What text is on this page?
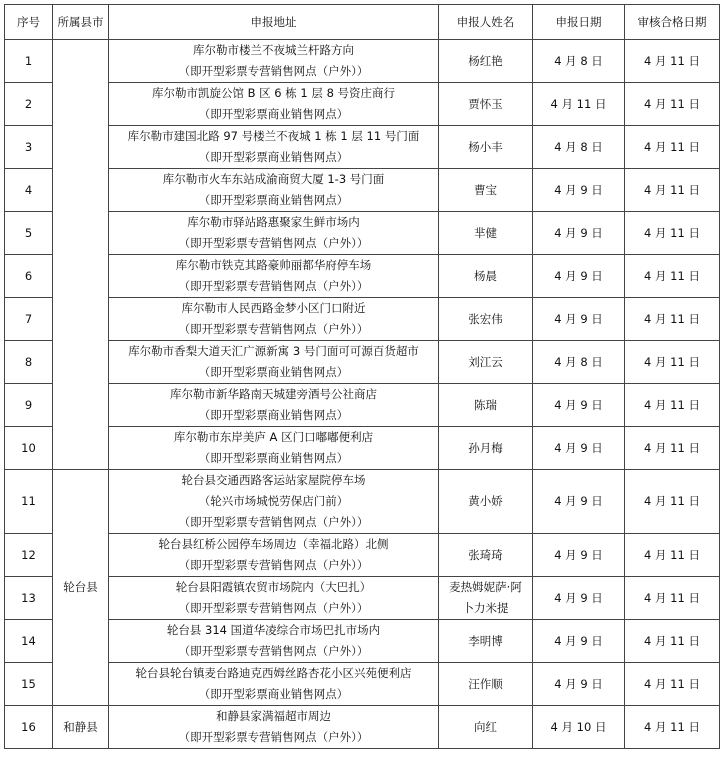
序号	所属县市	申报地址	申报人姓名	申报日期	审核合格日期
1		库尔勒市楼兰不夜城兰杆路方向
（即开型彩票专营销售网点（户外））	杨红艳	4 月 8 日	4 月 11 日
2		库尔勒市凯旋公馆 B 区 6 栋 1 层 8 号资庄商行
（即开型彩票商业销售网点）	贾怀玉	4 月 11 日	4 月 11 日
3		库尔勒市建国北路 97 号楼兰不夜城 1 栋 1 层 11 号门面
（即开型彩票商业销售网点）	杨小丰	4 月 8 日	4 月 11 日
4		库尔勒市火车东站成渝商贸大厦 1-3 号门面
（即开型彩票商业销售网点）	曹宝	4 月 9 日	4 月 11 日
5		库尔勒市驿站路惠聚家生鲜市场内
（即开型彩票专营销售网点（户外））	芈健	4 月 9 日	4 月 11 日
6		库尔勒市铁克其路豪帅丽都华府停车场
（即开型彩票专营销售网点（户外））	杨晨	4 月 9 日	4 月 11 日
7		库尔勒市人民西路金梦小区门口附近
（即开型彩票专营销售网点（户外））	张宏伟	4 月 9 日	4 月 11 日
8		库尔勒市香梨大道天汇广源新寓 3 号门面可可源百货超市
（即开型彩票商业销售网点）	刘江云	4 月 8 日	4 月 11 日
9		库尔勒市新华路南天城建旁酒号公社商店
（即开型彩票商业销售网点）	陈瑞	4 月 9 日	4 月 11 日
10		库尔勒市东岸美庐 A 区门口嘟嘟便利店
（即开型彩票商业销售网点）	孙月梅	4 月 9 日	4 月 11 日
11	轮台县	轮台县交通西路客运站家屋院停车场
（轮兴市场城悦劳保店门前）
（即开型彩票专营销售网点（户外））	黄小娇	4 月 9 日	4 月 11 日
12		轮台县红桥公园停车场周边（幸福北路）北侧
（即开型彩票专营销售网点（户外））	张琦琦	4 月 9 日	4 月 11 日
13		轮台县阳霞镇农贸市场院内（大巴扎）
（即开型彩票专营销售网点（户外））	麦热姆妮萨·阿
卜力米提	4 月 9 日	4 月 11 日
14		轮台县 314 国道华凌综合市场巴扎市场内
（即开型彩票专营销售网点（户外））	李明博	4 月 9 日	4 月 11 日
15		轮台县轮台镇麦台路迪克西姆丝路杏花小区兴苑便利店
（即开型彩票商业销售网点）	汪作顺	4 月 9 日	4 月 11 日
16	和静县	和静县家满福超市周边
（即开型彩票专营销售网点（户外））	向红	4 月 10 日	4 月 11 日
